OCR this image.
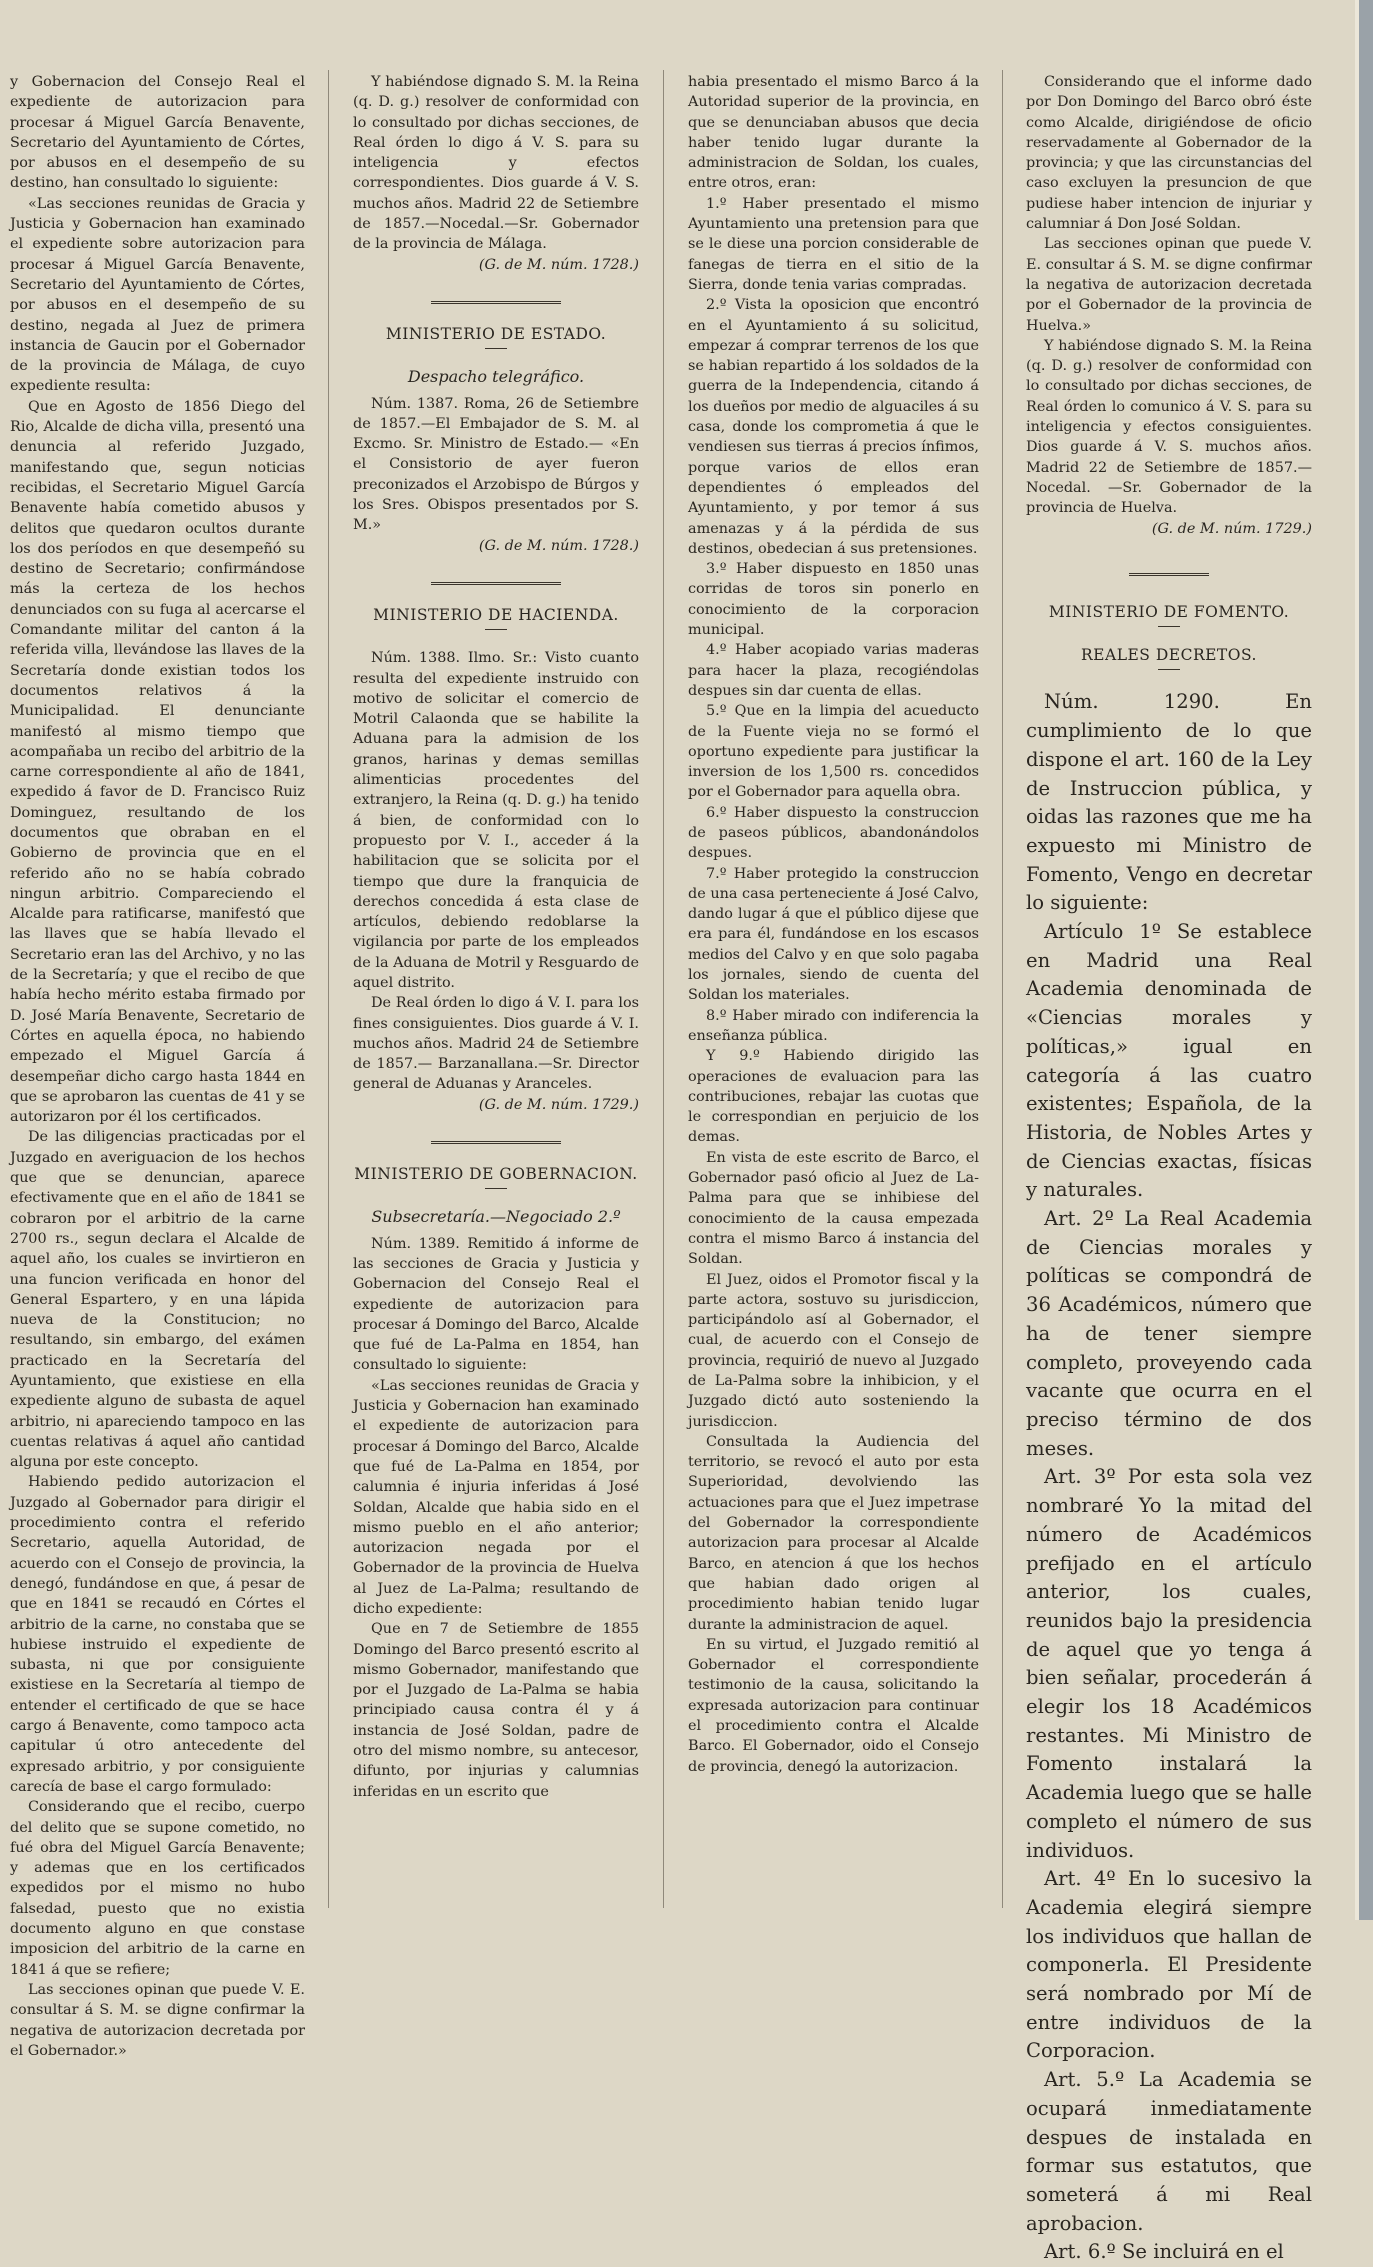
y Gobernacion del Consejo Real el expediente de autorizacion para procesar á Miguel García Benavente, Secretario del Ayuntamiento de Córtes, por abusos en el desempeño de su destino, han consultado lo siguiente:

«Las secciones reunidas de Gracia y Justicia y Gobernacion han examinado el expediente sobre autorizacion para procesar á Miguel García Benavente, Secretario del Ayuntamiento de Córtes, por abusos en el desempeño de su destino, negada al Juez de primera instancia de Gaucin por el Gobernador de la provincia de Málaga, de cuyo expediente resulta:

Que en Agosto de 1856 Diego del Rio, Alcalde de dicha villa, presentó una denuncia al referido Juzgado, manifestando que, segun noticias recibidas, el Secretario Miguel García Benavente había cometido abusos y delitos que quedaron ocultos durante los dos períodos en que desempeñó su destino de Secretario; confirmándose más la certeza de los hechos denunciados con su fuga al acercarse el Comandante militar del canton á la referida villa, llevándose las llaves de la Secretaría donde existian todos los documentos relativos á la Municipalidad. El denunciante manifestó al mismo tiempo que acompañaba un recibo del arbitrio de la carne correspondiente al año de 1841, expedido á favor de D. Francisco Ruiz Dominguez, resultando de los documentos que obraban en el Gobierno de provincia que en el referido año no se había cobrado ningun arbitrio. Compareciendo el Alcalde para ratificarse, manifestó que las llaves que se había llevado el Secretario eran las del Archivo, y no las de la Secretaría; y que el recibo de que había hecho mérito estaba firmado por D. José María Benavente, Secretario de Córtes en aquella época, no habiendo empezado el Miguel García á desempeñar dicho cargo hasta 1844 en que se aprobaron las cuentas de 41 y se autorizaron por él los certificados.

De las diligencias practicadas por el Juzgado en averiguacion de los hechos que que se denuncian, aparece efectivamente que en el año de 1841 se cobraron por el arbitrio de la carne 2700 rs., segun declara el Alcalde de aquel año, los cuales se invirtieron en una funcion verificada en honor del General Espartero, y en una lápida nueva de la Constitucion; no resultando, sin embargo, del exámen practicado en la Secretaría del Ayuntamiento, que existiese en ella expediente alguno de subasta de aquel arbitrio, ni apareciendo tampoco en las cuentas relativas á aquel año cantidad alguna por este concepto.

Habiendo pedido autorizacion el Juzgado al Gobernador para dirigir el procedimiento contra el referido Secretario, aquella Autoridad, de acuerdo con el Consejo de provincia, la denegó, fundándose en que, á pesar de que en 1841 se recaudó en Córtes el arbitrio de la carne, no constaba que se hubiese instruido el expediente de subasta, ni que por consiguiente existiese en la Secretaría al tiempo de entender el certificado de que se hace cargo á Benavente, como tampoco acta capitular ú otro antecedente del expresado arbitrio, y por consiguiente carecía de base el cargo formulado:

Considerando que el recibo, cuerpo del delito que se supone cometido, no fué obra del Miguel García Benavente; y ademas que en los certificados expedidos por el mismo no hubo falsedad, puesto que no existia documento alguno en que constase imposicion del arbitrio de la carne en 1841 á que se refiere;

Las secciones opinan que puede V. E. consultar á S. M. se digne confirmar la negativa de autorizacion decretada por el Gobernador.»

Y habiéndose dignado S. M. la Reina (q. D. g.) resolver de conformidad con lo consultado por dichas secciones, de Real órden lo digo á V. S. para su inteligencia y efectos correspondientes. Dios guarde á V. S. muchos años. Madrid 22 de Setiembre de 1857.—Nocedal.—Sr. Gobernador de la provincia de Málaga.

(G. de M. núm. 1728.)

MINISTERIO DE ESTADO.

Despacho telegráfico.

Núm. 1387. Roma, 26 de Setiembre de 1857.—El Embajador de S. M. al Excmo. Sr. Ministro de Estado.— «En el Consistorio de ayer fueron preconizados el Arzobispo de Búrgos y los Sres. Obispos presentados por S. M.»

(G. de M. núm. 1728.)

MINISTERIO DE HACIENDA.

Núm. 1388. Ilmo. Sr.: Visto cuanto resulta del expediente instruido con motivo de solicitar el comercio de Motril Calaonda que se habilite la Aduana para la admision de los granos, harinas y demas semillas alimenticias procedentes del extranjero, la Reina (q. D. g.) ha tenido á bien, de conformidad con lo propuesto por V. I., acceder á la habilitacion que se solicita por el tiempo que dure la franquicia de derechos concedida á esta clase de artículos, debiendo redoblarse la vigilancia por parte de los empleados de la Aduana de Motril y Resguardo de aquel distrito.

De Real órden lo digo á V. I. para los fines consiguientes. Dios guarde á V. I. muchos años. Madrid 24 de Setiembre de 1857.— Barzanallana.—Sr. Director general de Aduanas y Aranceles.

(G. de M. núm. 1729.)

MINISTERIO DE GOBERNACION.

Subsecretaría.—Negociado 2.º

Núm. 1389. Remitido á informe de las secciones de Gracia y Justicia y Gobernacion del Consejo Real el expediente de autorizacion para procesar á Domingo del Barco, Alcalde que fué de La-Palma en 1854, han consultado lo siguiente:

«Las secciones reunidas de Gracia y Justicia y Gobernacion han examinado el expediente de autorizacion para procesar á Domingo del Barco, Alcalde que fué de La-Palma en 1854, por calumnia é injuria inferidas á José Soldan, Alcalde que habia sido en el mismo pueblo en el año anterior; autorizacion negada por el Gobernador de la provincia de Huelva al Juez de La-Palma; resultando de dicho expediente:

Que en 7 de Setiembre de 1855 Domingo del Barco presentó escrito al mismo Gobernador, manifestando que por el Juzgado de La-Palma se habia principiado causa contra él y á instancia de José Soldan, padre de otro del mismo nombre, su antecesor, difunto, por injurias y calumnias inferidas en un escrito que

habia presentado el mismo Barco á la Autoridad superior de la provincia, en que se denunciaban abusos que decia haber tenido lugar durante la administracion de Soldan, los cuales, entre otros, eran:

1.º Haber presentado el mismo Ayuntamiento una pretension para que se le diese una porcion considerable de fanegas de tierra en el sitio de la Sierra, donde tenia varias compradas.

2.º Vista la oposicion que encontró en el Ayuntamiento á su solicitud, empezar á comprar terrenos de los que se habian repartido á los soldados de la guerra de la Independencia, citando á los dueños por medio de alguaciles á su casa, donde los comprometia á que le vendiesen sus tierras á precios ínfimos, porque varios de ellos eran dependientes ó empleados del Ayuntamiento, y por temor á sus amenazas y á la pérdida de sus destinos, obedecian á sus pretensiones.

3.º Haber dispuesto en 1850 unas corridas de toros sin ponerlo en conocimiento de la corporacion municipal.

4.º Haber acopiado varias maderas para hacer la plaza, recogiéndolas despues sin dar cuenta de ellas.

5.º Que en la limpia del acueducto de la Fuente vieja no se formó el oportuno expediente para justificar la inversion de los 1,500 rs. concedidos por el Gobernador para aquella obra.

6.º Haber dispuesto la construccion de paseos públicos, abandonándolos despues.

7.º Haber protegido la construccion de una casa perteneciente á José Calvo, dando lugar á que el público dijese que era para él, fundándose en los escasos medios del Calvo y en que solo pagaba los jornales, siendo de cuenta del Soldan los materiales.

8.º Haber mirado con indiferencia la enseñanza pública.

Y 9.º Habiendo dirigido las operaciones de evaluacion para las contribuciones, rebajar las cuotas que le correspondian en perjuicio de los demas.

En vista de este escrito de Barco, el Gobernador pasó oficio al Juez de La-Palma para que se inhibiese del conocimiento de la causa empezada contra el mismo Barco á instancia del Soldan.

El Juez, oidos el Promotor fiscal y la parte actora, sostuvo su jurisdiccion, participándolo así al Gobernador, el cual, de acuerdo con el Consejo de provincia, requirió de nuevo al Juzgado de La-Palma sobre la inhibicion, y el Juzgado dictó auto sosteniendo la jurisdiccion.

Consultada la Audiencia del territorio, se revocó el auto por esta Superioridad, devolviendo las actuaciones para que el Juez impetrase del Gobernador la correspondiente autorizacion para procesar al Alcalde Barco, en atencion á que los hechos que habian dado origen al procedimiento habian tenido lugar durante la administracion de aquel.

En su virtud, el Juzgado remitió al Gobernador el correspondiente testimonio de la causa, solicitando la expresada autorizacion para continuar el procedimiento contra el Alcalde Barco. El Gobernador, oido el Consejo de provincia, denegó la autorizacion.

Considerando que el informe dado por Don Domingo del Barco obró éste como Alcalde, dirigiéndose de oficio reservadamente al Gobernador de la provincia; y que las circunstancias del caso excluyen la presuncion de que pudiese haber intencion de injuriar y calumniar á Don José Soldan.

Las secciones opinan que puede V. E. consultar á S. M. se digne confirmar la negativa de autorizacion decretada por el Gobernador de la provincia de Huelva.»

Y habiéndose dignado S. M. la Reina (q. D. g.) resolver de conformidad con lo consultado por dichas secciones, de Real órden lo comunico á V. S. para su inteligencia y efectos consiguientes. Dios guarde á V. S. muchos años. Madrid 22 de Setiembre de 1857.—Nocedal. —Sr. Gobernador de la provincia de Huelva.

(G. de M. núm. 1729.)

MINISTERIO DE FOMENTO.

REALES DECRETOS.

Núm. 1290. En cumplimiento de lo que dispone el art. 160 de la Ley de Instruccion pública, y oidas las razones que me ha expuesto mi Ministro de Fomento, Vengo en decretar lo siguiente:

Artículo 1º Se establece en Madrid una Real Academia denominada de «Ciencias morales y políticas,» igual en categoría á las cuatro existentes; Española, de la Historia, de Nobles Artes y de Ciencias exactas, físicas y naturales.

Art. 2º La Real Academia de Ciencias morales y políticas se compondrá de 36 Académicos, número que ha de tener siempre completo, proveyendo cada vacante que ocurra en el preciso término de dos meses.

Art. 3º Por esta sola vez nombraré Yo la mitad del número de Académicos prefijado en el artículo anterior, los cuales, reunidos bajo la presidencia de aquel que yo tenga á bien señalar, procederán á elegir los 18 Académicos restantes. Mi Ministro de Fomento instalará la Academia luego que se halle completo el número de sus individuos.

Art. 4º En lo sucesivo la Academia elegirá siempre los individuos que hallan de componerla. El Presidente será nombrado por Mí de entre individuos de la Corporacion.

Art. 5.º La Academia se ocupará inmediatamente despues de instalada en formar sus estatutos, que someterá á mi Real aprobacion.

Art. 6.º Se incluirá en el
